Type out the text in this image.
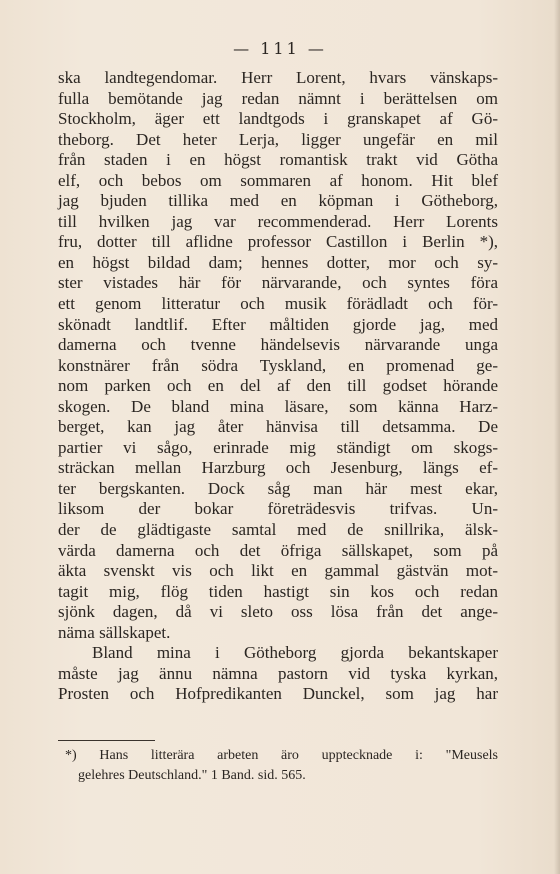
— 111 —
ska landtegendomar. Herr Lorent, hvars vänskaps-
fulla bemötande jag redan nämnt i berättelsen om
Stockholm, äger ett landtgods i granskapet af Gö-
theborg. Det heter Lerja, ligger ungefär en mil
från staden i en högst romantisk trakt vid Götha
elf, och bebos om sommaren af honom. Hit blef
jag bjuden tillika med en köpman i Götheborg,
till hvilken jag var recommenderad. Herr Lorents
fru, dotter till aflidne professor Castillon i Berlin *),
en högst bildad dam; hennes dotter, mor och sy-
ster vistades här för närvarande, och syntes föra
ett genom litteratur och musik förädladt och för-
skönadt landtlif. Efter måltiden gjorde jag, med
damerna och tvenne händelsevis närvarande unga
konstnärer från södra Tyskland, en promenad ge-
nom parken och en del af den till godset hörande
skogen. De bland mina läsare, som känna Harz-
berget, kan jag åter hänvisa till detsamma. De
partier vi sågo, erinrade mig ständigt om skogs-
sträckan mellan Harzburg och Jesenburg, längs ef-
ter bergskanten. Dock såg man här mest ekar,
liksom der bokar företrädesvis trifvas. Un-
der de glädtigaste samtal med de snillrika, älsk-
värda damerna och det öfriga sällskapet, som på
äkta svenskt vis och likt en gammal gästvän mot-
tagit mig, flög tiden hastigt sin kos och redan
sjönk dagen, då vi sleto oss lösa från det ange-
näma sällskapet.
Bland mina i Götheborg gjorda bekantskaper
måste jag ännu nämna pastorn vid tyska kyrkan,
Prosten och Hofpredikanten Dunckel, som jag har
*) Hans litterära arbeten äro upptecknade i: "Meusels
gelehres Deutschland." 1 Band. sid. 565.
